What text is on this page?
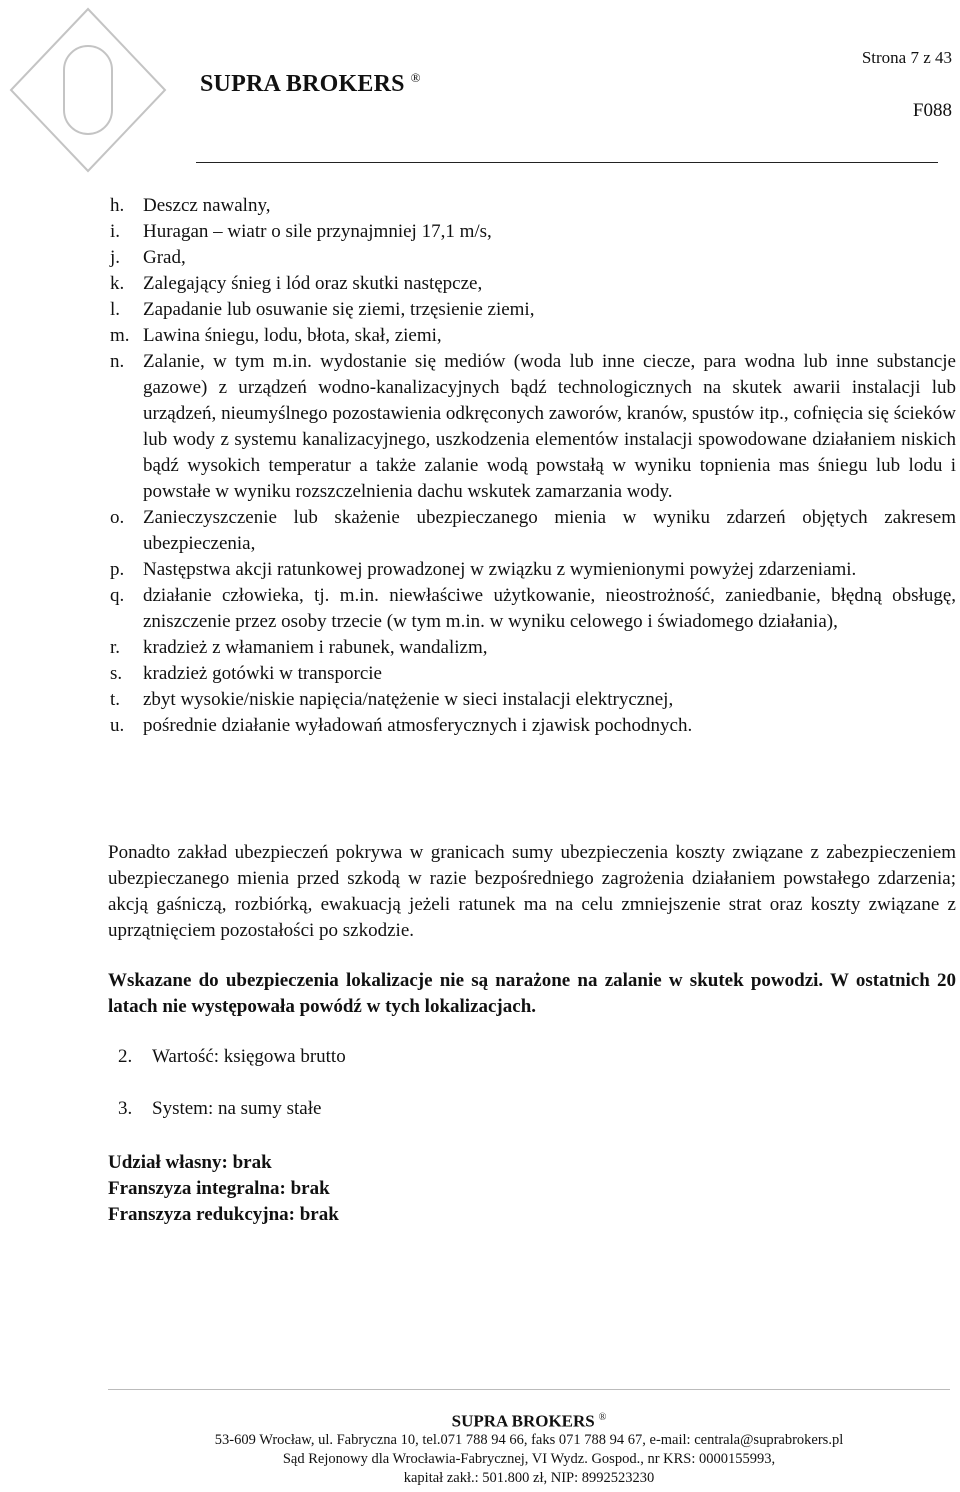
SUPRA BROKERS ®
Strona 7 z 43
F088
h. Deszcz nawalny,
i.	Huragan – wiatr o sile przynajmniej 17,1 m/s,
j.	Grad,
k. Zalegający śnieg i lód oraz skutki następcze,
l.	Zapadanie lub osuwanie się ziemi, trzęsienie ziemi,
m. Lawina śniegu, lodu, błota, skał, ziemi,
n. Zalanie, w tym m.in. wydostanie się mediów (woda lub inne ciecze, para wodna lub inne substancje gazowe) z urządzeń wodno-kanalizacyjnych bądź technologicznych na skutek awarii instalacji lub urządzeń, nieumyślnego pozostawienia odkręconych zaworów, kranów, spustów itp., cofnięcia się ścieków lub wody z systemu kanalizacyjnego, uszkodzenia elementów instalacji spowodowane działaniem niskich bądź wysokich temperatur a także zalanie wodą powstałą w wyniku topnienia mas śniegu lub lodu i powstałe w wyniku rozszczelnienia dachu wskutek zamarzania wody.
o. Zanieczyszczenie lub skażenie ubezpieczanego mienia w wyniku zdarzeń objętych zakresem ubezpieczenia,
p. Następstwa akcji ratunkowej prowadzonej w związku z wymienionymi powyżej zdarzeniami.
q. działanie człowieka, tj. m.in. niewłaściwe użytkowanie, nieostrożność, zaniedbanie, błędną obsługę, zniszczenie przez osoby trzecie (w tym m.in. w wyniku celowego i świadomego działania),
r.	kradzież z włamaniem i rabunek, wandalizm,
s.	kradzież gotówki w transporcie
t.	zbyt wysokie/niskie napięcia/natężenie w sieci instalacji elektrycznej,
u. pośrednie działanie wyładowań atmosferycznych i zjawisk pochodnych.

Ponadto zakład ubezpieczeń pokrywa w granicach sumy ubezpieczenia koszty związane z zabezpieczeniem ubezpieczanego mienia przed szkodą w razie bezpośredniego zagrożenia działaniem powstałego zdarzenia; akcją gaśniczą, rozbiórką, ewakuacją jeżeli ratunek ma na celu zmniejszenie strat oraz koszty związane z uprzątnięciem pozostałości po szkodzie.

Wskazane do ubezpieczenia lokalizacje nie są narażone na zalanie w skutek powodzi. W ostatnich 20 latach nie występowała powódź w tych lokalizacjach.

2. Wartość: księgowa brutto
3. System: na sumy stałe
Udział własny: brak
Franszyza integralna: brak
Franszyza redukcyjna: brak
SUPRA BROKERS ®
53-609 Wrocław, ul. Fabryczna 10, tel.071 788 94 66, faks 071 788 94 67, e-mail: centrala@suprabrokers.pl
Sąd Rejonowy dla Wrocławia-Fabrycznej, VI Wydz. Gospod., nr KRS: 0000155993,
kapitał zakł.: 501.800 zł, NIP: 8992523230
